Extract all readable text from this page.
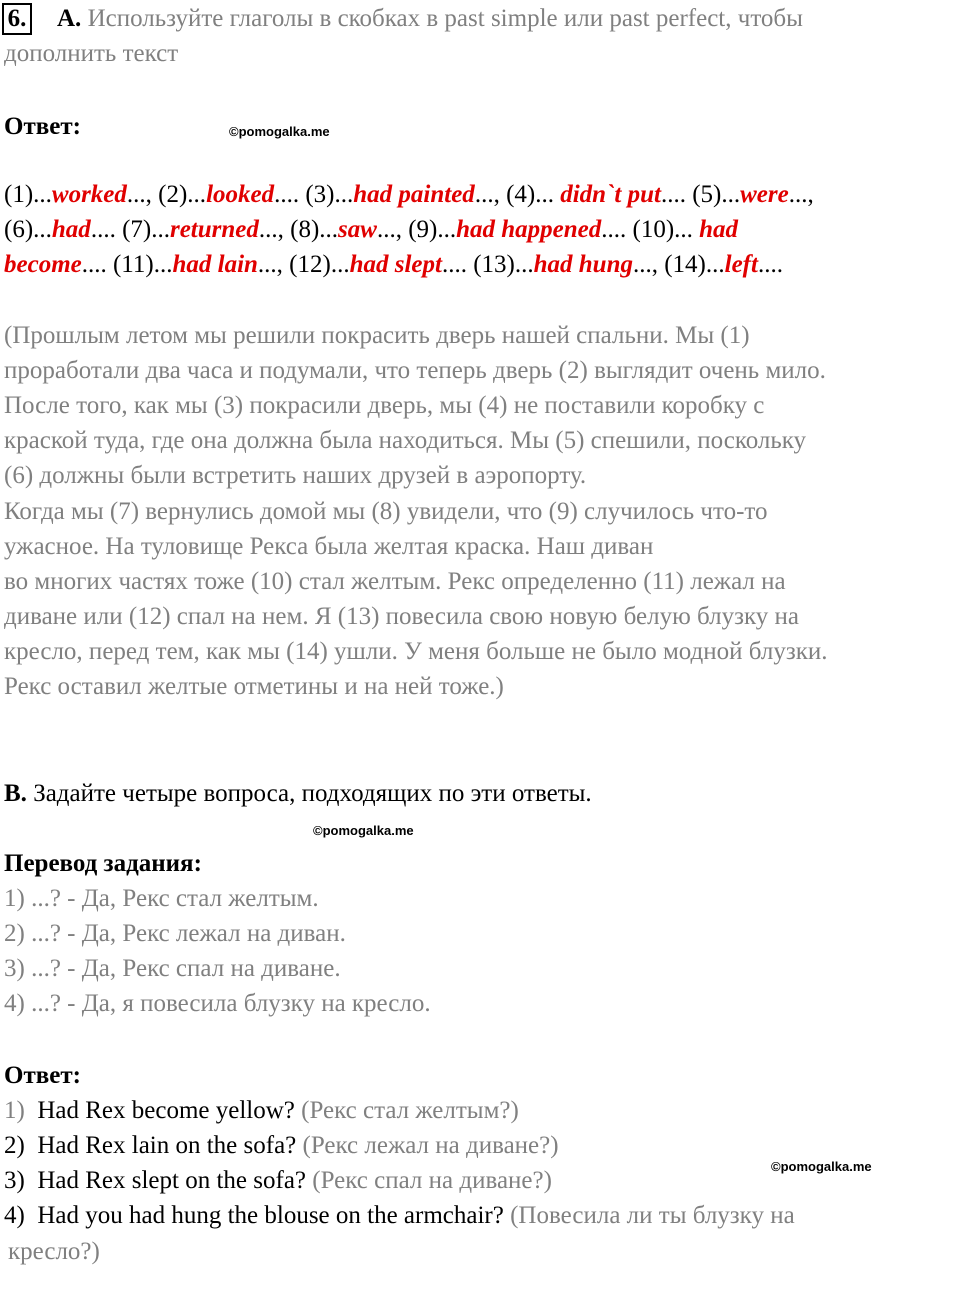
6. A. Используйте глаголы в скобках в past simple или past perfect, чтобы
дополнить текст
Ответ:	©pomogalka.me
(1)...worked..., (2)...looked.... (3)...had painted..., (4)... didn`t put.... (5)...were...,
(6)...had.... (7)...returned..., (8)...saw..., (9)...had happened.... (10)... had
become.... (11)...had lain..., (12)...had slept.... (13)...had hung..., (14)...left....
(Прошлым летом мы решили покрасить дверь нашей спальни. Мы (1)
проработали два часа и подумали, что теперь дверь (2) выглядит очень мило.
После того, как мы (3) покрасили дверь, мы (4) не поставили коробку с
краской туда, где она должна была находиться. Мы (5) спешили, поскольку
(6) должны были встретить наших друзей в аэропорту.
Когда мы (7) вернулись домой мы (8) увидели, что (9) случилось что-то
ужасное. На туловище Рекса была желтая краска. Наш диван
во многих частях тоже (10) стал желтым. Рекс определенно (11) лежал на
диване или (12) спал на нем. Я (13) повесила свою новую белую блузку на
кресло, перед тем, как мы (14) ушли. У меня больше не было модной блузки.
Рекс оставил желтые отметины и на ней тоже.)
B. Задайте четыре вопроса, подходящих по эти ответы.
©pomogalka.me
Перевод задания:
1) ...? - Да, Рекс стал желтым.
2) ...? - Да, Рекс лежал на диван.
3) ...? - Да, Рекс спал на диване.
4) ...? - Да, я повесила блузку на кресло.
Ответ:
1) Had Rex become yellow? (Рекс стал желтым?)
2) Had Rex lain on the sofa? (Рекс лежал на диване?)
3) Had Rex slept on the sofa? (Рекс спал на диване?)
©pomogalka.me
4) Had you had hung the blouse on the armchair? (Повесила ли ты блузку на
кресло?)
